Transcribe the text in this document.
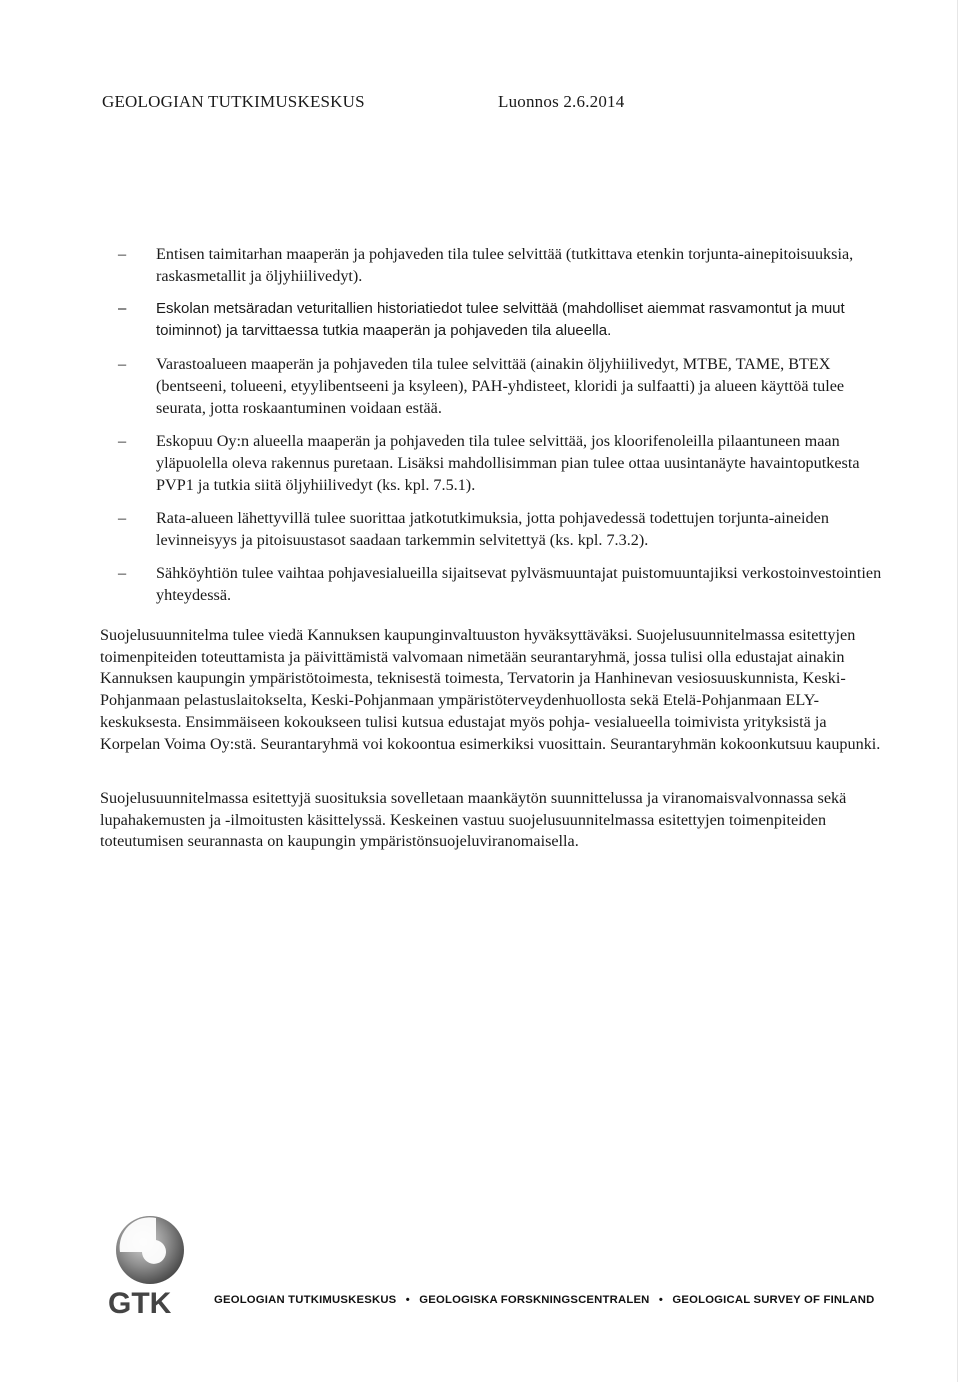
GEOLOGIAN TUTKIMUSKESKUS	Luonnos 2.6.2014
– Entisen taimitarhan maaperän ja pohjaveden tila tulee selvittää (tutkittava etenkin torjunta-ainepitoisuuksia, raskasmetallit ja öljyhiilivedyt).
– Eskolan metsäradan veturitallien historiatiedot tulee selvittää (mahdolliset aiemmat rasvamontut ja muut toiminnot) ja tarvittaessa tutkia maaperän ja pohjaveden tila alueella.
– Varastoalueen maaperän ja pohjaveden tila tulee selvittää (ainakin öljyhiilivedyt, MTBE, TAME, BTEX (bentseeni, tolueeni, etyylibentseeni ja ksyleen), PAH-yhdisteet, kloridi ja sulfaatti) ja alueen käyttöä tulee seurata, jotta roskaantuminen voidaan estää.
– Eskopuu Oy:n alueella maaperän ja pohjaveden tila tulee selvittää, jos kloorifenoleilla pilaantuneen maan yläpuolella oleva rakennus puretaan. Lisäksi mahdollisimman pian tulee ottaa uusintanäyte havaintoputkesta PVP1 ja tutkia siitä öljyhiilivedyt (ks. kpl. 7.5.1).
– Rata-alueen lähettyvillä tulee suorittaa jatkotutkimuksia, jotta pohjavedessä todettujen torjunta-aineiden levinneisyys ja pitoisuustasot saadaan tarkemmin selvitettyä (ks. kpl. 7.3.2).
– Sähköyhtiön tulee vaihtaa pohjavesialueilla sijaitsevat pylväsmuuntajat puistomuuntajiksi verkostoinvestointien yhteydessä.

Suojelusuunnitelma tulee viedä Kannuksen kaupunginvaltuuston hyväksyttäväksi. Suojelusuunnitelmassa esitettyjen toimenpiteiden toteuttamista ja päivittämistä valvomaan nimetään seurantaryhmä, jossa tulisi olla edustajat ainakin Kannuksen kaupungin ympäristötoimesta, teknisestä toimesta, Tervatorin ja Hanhinevan vesiosuuskunnista, Keski-Pohjanmaan pelastuslaitokselta, Keski-Pohjanmaan ympäristöterveydenhuollosta sekä Etelä-Pohjanmaan ELY-keskuksesta. Ensimmäiseen kokoukseen tulisi kutsua edustajat myös pohja- vesialueella toimivista yrityksistä ja Korpelan Voima Oy:stä. Seurantaryhmä voi kokoontua esimerkiksi vuosittain. Seurantaryhmän kokoonkutsuu kaupunki.

Suojelusuunnitelmassa esitettyjä suosituksia sovelletaan maankäytön suunnittelussa ja viranomaisvalvonnassa sekä lupahakemusten ja -ilmoitusten käsittelyssä. Keskeinen vastuu suojelusuunnitelmassa esitettyjen toimenpiteiden toteutumisen seurannasta on kaupungin ympäristönsuojeluviranomaisella.

GTK	GEOLOGIAN TUTKIMUSKESKUS • GEOLOGISKA FORSKNINGSCENTRALEN • GEOLOGICAL SURVEY OF FINLAND
